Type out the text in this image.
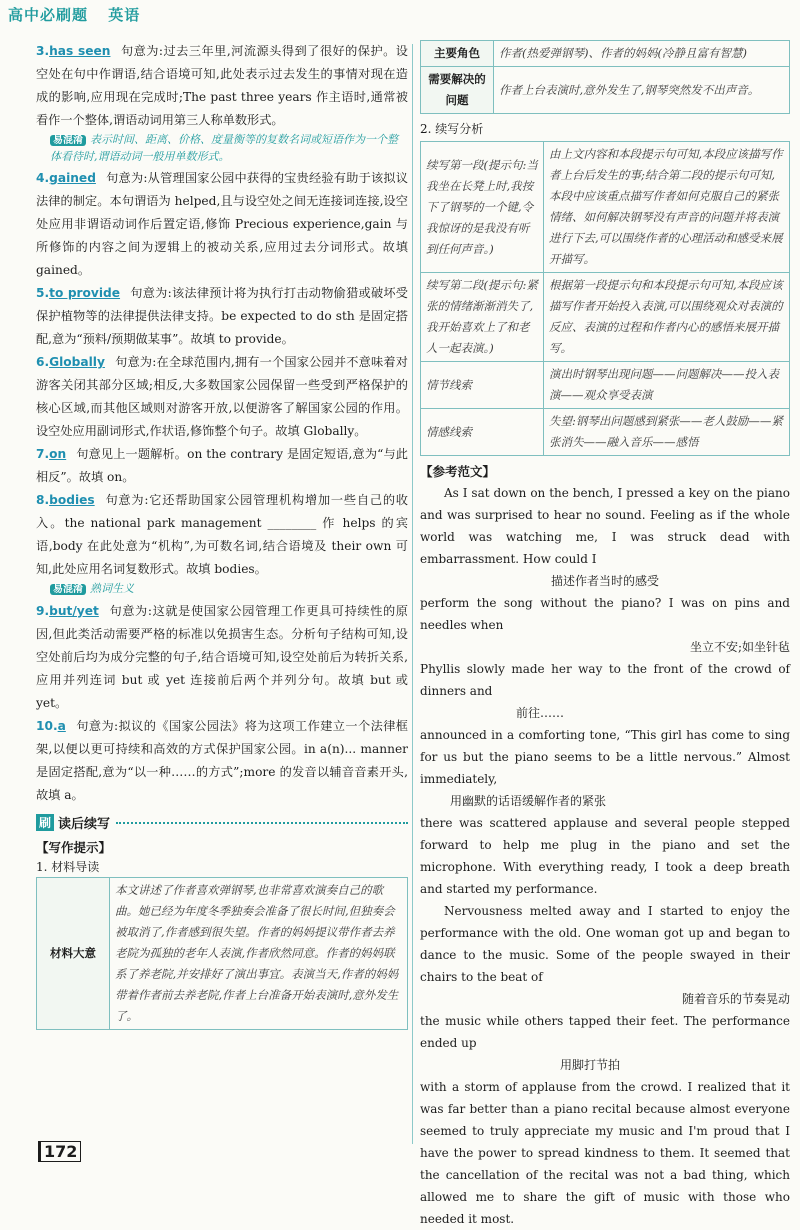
高中必刷题 英语

3.has seen 句意为:过去三年里,河流源头得到了很好的保护。设空处在句中作谓语,结合语境可知,此处表示过去发生的事情对现在造成的影响,应用现在完成时;The past three years 作主语时,通常被看作一个整体,谓语动词用第三人称单数形式。

易混淆 表示时间、距离、价格、度量衡等的复数名词或短语作为一个整体看待时,谓语动词一般用单数形式。

4.gained 句意为:从管理国家公园中获得的宝贵经验有助于该拟议法律的制定。本句谓语为 helped,且与设空处之间无连接词连接,设空处应用非谓语动词作后置定语,修饰 Precious experience,gain 与所修饰的内容之间为逻辑上的被动关系,应用过去分词形式。故填 gained。

5.to provide 句意为:该法律预计将为执行打击动物偷猎或破坏受保护植物等的法律提供法律支持。be expected to do sth 是固定搭配,意为“预料/预期做某事”。故填 to provide。

6.Globally 句意为:在全球范围内,拥有一个国家公园并不意味着对游客关闭其部分区域;相反,大多数国家公园保留一些受到严格保护的核心区域,而其他区域则对游客开放,以便游客了解国家公园的作用。设空处应用副词形式,作状语,修饰整个句子。故填 Globally。

7.on 句意见上一题解析。on the contrary 是固定短语,意为“与此相反”。故填 on。

8.bodies 句意为:它还帮助国家公园管理机构增加一些自己的收入。the national park management ________ 作 helps 的宾语,body 在此处意为“机构”,为可数名词,结合语境及 their own 可知,此处应用名词复数形式。故填 bodies。

易混淆 熟词生义

9.but/yet 句意为:这就是使国家公园管理工作更具可持续性的原因,但此类活动需要严格的标准以免损害生态。分析句子结构可知,设空处前后均为成分完整的句子,结合语境可知,设空处前后为转折关系,应用并列连词 but 或 yet 连接前后两个并列分句。故填 but 或 yet。

10.a 句意为:拟议的《国家公园法》将为这项工作建立一个法律框架,以便以更可持续和高效的方式保护国家公园。in a(n)... manner 是固定搭配,意为“以一种……的方式”;more 的发音以辅音音素开头,故填 a。

刷 读后续写
【写作提示】
1. 材料导读
材料大意	本文讲述了作者喜欢弹钢琴,也非常喜欢演奏自己的歌曲。她已经为年度冬季独奏会准备了很长时间,但独奏会被取消了,作者感到很失望。作者的妈妈提议带作者去养老院为孤独的老年人表演,作者欣然同意。作者的妈妈联系了养老院,并安排好了演出事宜。表演当天,作者的妈妈带着作者前去养老院,作者上台准备开始表演时,意外发生了。
主要角色	作者(热爱弹钢琴)、作者的妈妈(冷静且富有智慧)
需要解决的问题	作者上台表演时,意外发生了,钢琴突然发不出声音。
2. 续写分析
续写第一段(提示句:当我坐在长凳上时,我按下了钢琴的一个键,令我惊讶的是我没有听到任何声音。)	由上文内容和本段提示句可知,本段应该描写作者上台后发生的事;结合第二段的提示句可知,本段中应该重点描写作者如何克服自己的紧张情绪、如何解决钢琴没有声音的问题并将表演进行下去,可以围绕作者的心理活动和感受来展开描写。
续写第二段(提示句:紧张的情绪渐渐消失了,我开始喜欢上了和老人一起表演。)	根据第一段提示句和本段提示句可知,本段应该描写作者开始投入表演,可以围绕观众对表演的反应、表演的过程和作者内心的感悟来展开描写。
情节线索	演出时钢琴出现问题——问题解决——投入表演——观众享受表演
情感线索	失望:钢琴出问题感到紧张——老人鼓励——紧张消失——融入音乐——感悟
【参考范文】

As I sat down on the bench, I pressed a key on the piano and was surprised to hear no sound. Feeling as if the whole world was watching me, I was struck dead with embarrassment. How could I

描述作者当时的感受

perform the song without the piano? I was on pins and needles when

坐立不安;如坐针毡

Phyllis slowly made her way to the front of the crowd of dinners and

前往……

announced in a comforting tone, “This girl has come to sing for us but the piano seems to be a little nervous.” Almost immediately,

用幽默的话语缓解作者的紧张

there was scattered applause and several people stepped forward to help me plug in the piano and set the microphone. With everything ready, I took a deep breath and started my performance.

Nervousness melted away and I started to enjoy the performance with the old. One woman got up and began to dance to the music. Some of the people swayed in their chairs to the beat of

随着音乐的节奏晃动

the music while others tapped their feet. The performance ended up

用脚打节拍

with a storm of applause from the crowd. I realized that it was far better than a piano recital because almost everyone seemed to truly appreciate my music and I'm proud that I have the power to spread kindness to them. It seemed that the cancellation of the recital was not a bad thing, which allowed me to share the gift of music with those who needed it most.

172
